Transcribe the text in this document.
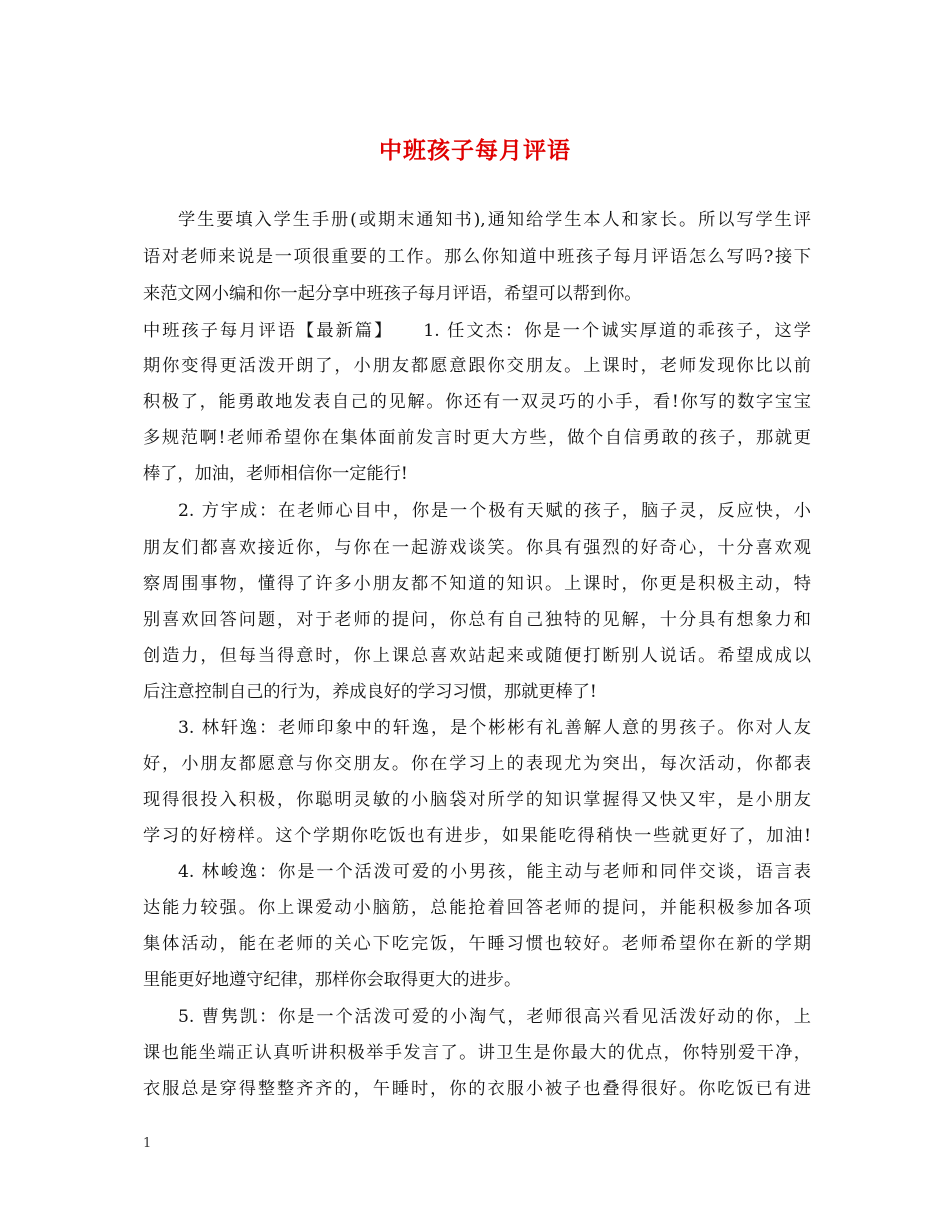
中班孩子每月评语
学生要填入学生手册(或期末通知书),通知给学生本人和家长。所以写学生评
语对老师来说是一项很重要的工作。那么你知道中班孩子每月评语怎么写吗?接下
来范文网小编和你一起分享中班孩子每月评语，希望可以帮到你。
中班孩子每月评语【最新篇】　　1. 任文杰：你是一个诚实厚道的乖孩子，这学
期你变得更活泼开朗了，小朋友都愿意跟你交朋友。上课时，老师发现你比以前
积极了，能勇敢地发表自己的见解。你还有一双灵巧的小手，看!你写的数字宝宝
多规范啊!老师希望你在集体面前发言时更大方些，做个自信勇敢的孩子，那就更
棒了，加油，老师相信你一定能行!
2. 方宇成：在老师心目中，你是一个极有天赋的孩子，脑子灵，反应快，小
朋友们都喜欢接近你，与你在一起游戏谈笑。你具有强烈的好奇心，十分喜欢观
察周围事物，懂得了许多小朋友都不知道的知识。上课时，你更是积极主动，特
别喜欢回答问题，对于老师的提问，你总有自己独特的见解，十分具有想象力和
创造力，但每当得意时，你上课总喜欢站起来或随便打断别人说话。希望成成以
后注意控制自己的行为，养成良好的学习习惯，那就更棒了!
3. 林轩逸：老师印象中的轩逸，是个彬彬有礼善解人意的男孩子。你对人友
好，小朋友都愿意与你交朋友。你在学习上的表现尤为突出，每次活动，你都表
现得很投入积极，你聪明灵敏的小脑袋对所学的知识掌握得又快又牢，是小朋友
学习的好榜样。这个学期你吃饭也有进步，如果能吃得稍快一些就更好了，加油!
4. 林峻逸：你是一个活泼可爱的小男孩，能主动与老师和同伴交谈，语言表
达能力较强。你上课爱动小脑筋，总能抢着回答老师的提问，并能积极参加各项
集体活动，能在老师的关心下吃完饭，午睡习惯也较好。老师希望你在新的学期
里能更好地遵守纪律，那样你会取得更大的进步。
5. 曹隽凯：你是一个活泼可爱的小淘气，老师很高兴看见活泼好动的你，上
课也能坐端正认真听讲积极举手发言了。讲卫生是你最大的优点，你特别爱干净，
衣服总是穿得整整齐齐的，午睡时，你的衣服小被子也叠得很好。你吃饭已有进
1
